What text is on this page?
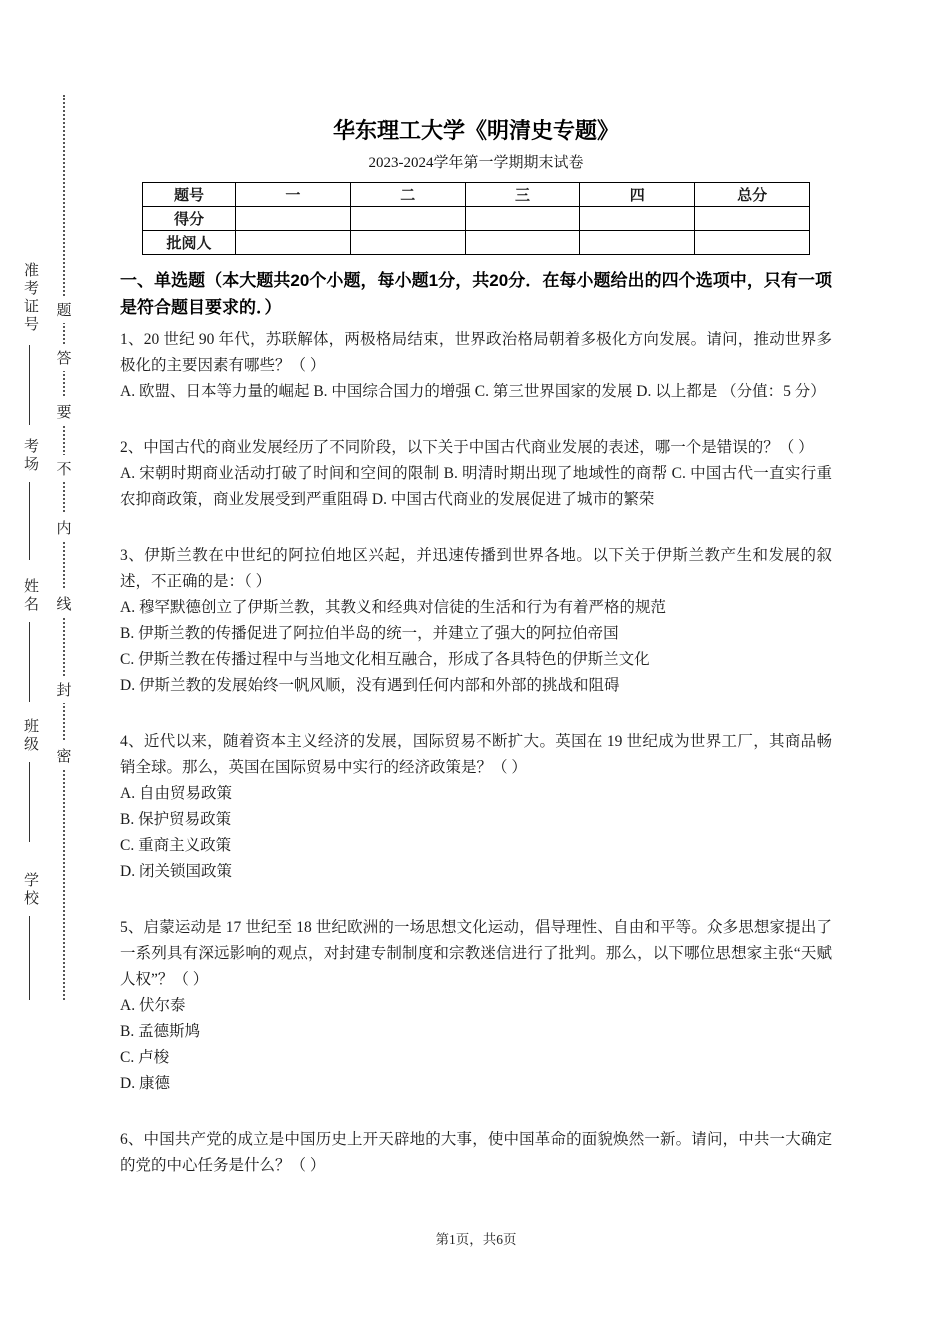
准考证号
考场
姓名
班级
学校
题
答
要
不
内
线
封
密
华东理工大学《明清史专题》
2023-2024学年第一学期期末试卷
题号	一	二	三	四	总分
得分					
批阅人					
一、单选题（本大题共20个小题，每小题1分，共20分．在每小题给出的四个选项中，只有一项是符合题目要求的．）

1、20 世纪 90 年代，苏联解体，两极格局结束，世界政治格局朝着多极化方向发展。请问，推动世界多极化的主要因素有哪些？（ ）

A. 欧盟、日本等力量的崛起 B. 中国综合国力的增强 C. 第三世界国家的发展 D. 以上都是 （分值：5 分）

2、中国古代的商业发展经历了不同阶段，以下关于中国古代商业发展的表述，哪一个是错误的？（ ）

A. 宋朝时期商业活动打破了时间和空间的限制 B. 明清时期出现了地域性的商帮 C. 中国古代一直实行重农抑商政策，商业发展受到严重阻碍 D. 中国古代商业的发展促进了城市的繁荣

3、伊斯兰教在中世纪的阿拉伯地区兴起，并迅速传播到世界各地。以下关于伊斯兰教产生和发展的叙述，不正确的是：（ ）

A. 穆罕默德创立了伊斯兰教，其教义和经典对信徒的生活和行为有着严格的规范

B. 伊斯兰教的传播促进了阿拉伯半岛的统一，并建立了强大的阿拉伯帝国

C. 伊斯兰教在传播过程中与当地文化相互融合，形成了各具特色的伊斯兰文化

D. 伊斯兰教的发展始终一帆风顺，没有遇到任何内部和外部的挑战和阻碍

4、近代以来，随着资本主义经济的发展，国际贸易不断扩大。英国在 19 世纪成为世界工厂，其商品畅销全球。那么，英国在国际贸易中实行的经济政策是？（ ）

A. 自由贸易政策

B. 保护贸易政策

C. 重商主义政策

D. 闭关锁国政策

5、启蒙运动是 17 世纪至 18 世纪欧洲的一场思想文化运动，倡导理性、自由和平等。众多思想家提出了一系列具有深远影响的观点，对封建专制制度和宗教迷信进行了批判。那么，以下哪位思想家主张“天赋人权”？（ ）

A. 伏尔泰

B. 孟德斯鸠

C. 卢梭

D. 康德

6、中国共产党的成立是中国历史上开天辟地的大事，使中国革命的面貌焕然一新。请问，中共一大确定的党的中心任务是什么？（ ）

第1页，共6页
